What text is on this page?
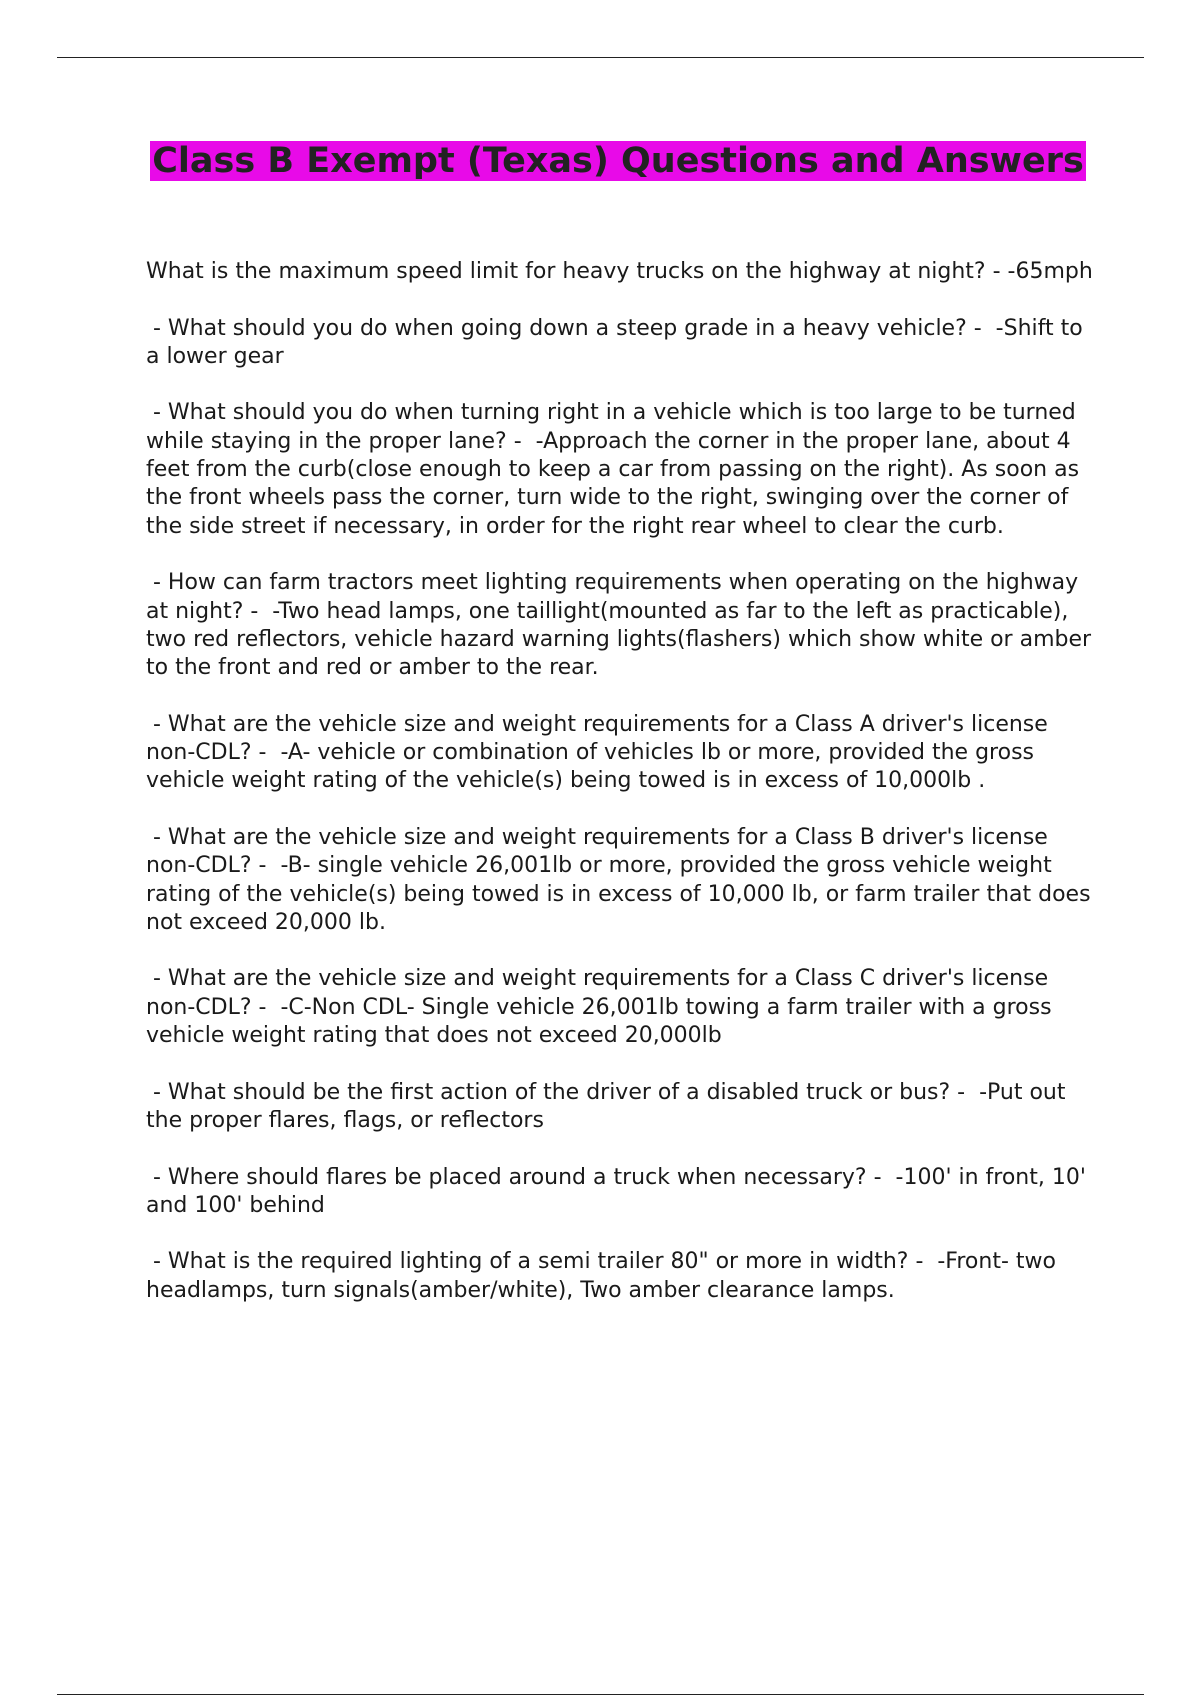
Class B Exempt (Texas) Questions and Answers
What is the maximum speed limit for heavy trucks on the highway at night? - -65mph
- What should you do when going down a steep grade in a heavy vehicle? -  -Shift to a lower gear
- What should you do when turning right in a vehicle which is too large to be turned while staying in the proper lane? -  -Approach the corner in the proper lane, about 4 feet from the curb(close enough to keep a car from passing on the right). As soon as the front wheels pass the corner, turn wide to the right, swinging over the corner of the side street if necessary, in order for the right rear wheel to clear the curb.
- How can farm tractors meet lighting requirements when operating on the highway at night? -  -Two head lamps, one taillight(mounted as far to the left as practicable), two red reflectors, vehicle hazard warning lights(flashers) which show white or amber to the front and red or amber to the rear.
- What are the vehicle size and weight requirements for a Class A driver's license non-CDL? -  -A- vehicle or combination of vehicles lb or more, provided the gross vehicle weight rating of the vehicle(s) being towed is in excess of 10,000lb .
- What are the vehicle size and weight requirements for a Class B driver's license non-CDL? -  -B- single vehicle 26,001lb or more, provided the gross vehicle weight rating of the vehicle(s) being towed is in excess of 10,000 lb, or farm trailer that does not exceed 20,000 lb.
- What are the vehicle size and weight requirements for a Class C driver's license non-CDL? -  -C-Non CDL- Single vehicle 26,001lb towing a farm trailer with a gross vehicle weight rating that does not exceed 20,000lb
- What should be the first action of the driver of a disabled truck or bus? -  -Put out the proper flares, flags, or reflectors
- Where should flares be placed around a truck when necessary? -  -100' in front, 10' and 100' behind
- What is the required lighting of a semi trailer 80" or more in width? -  -Front- two headlamps, turn signals(amber/white), Two amber clearance lamps.
